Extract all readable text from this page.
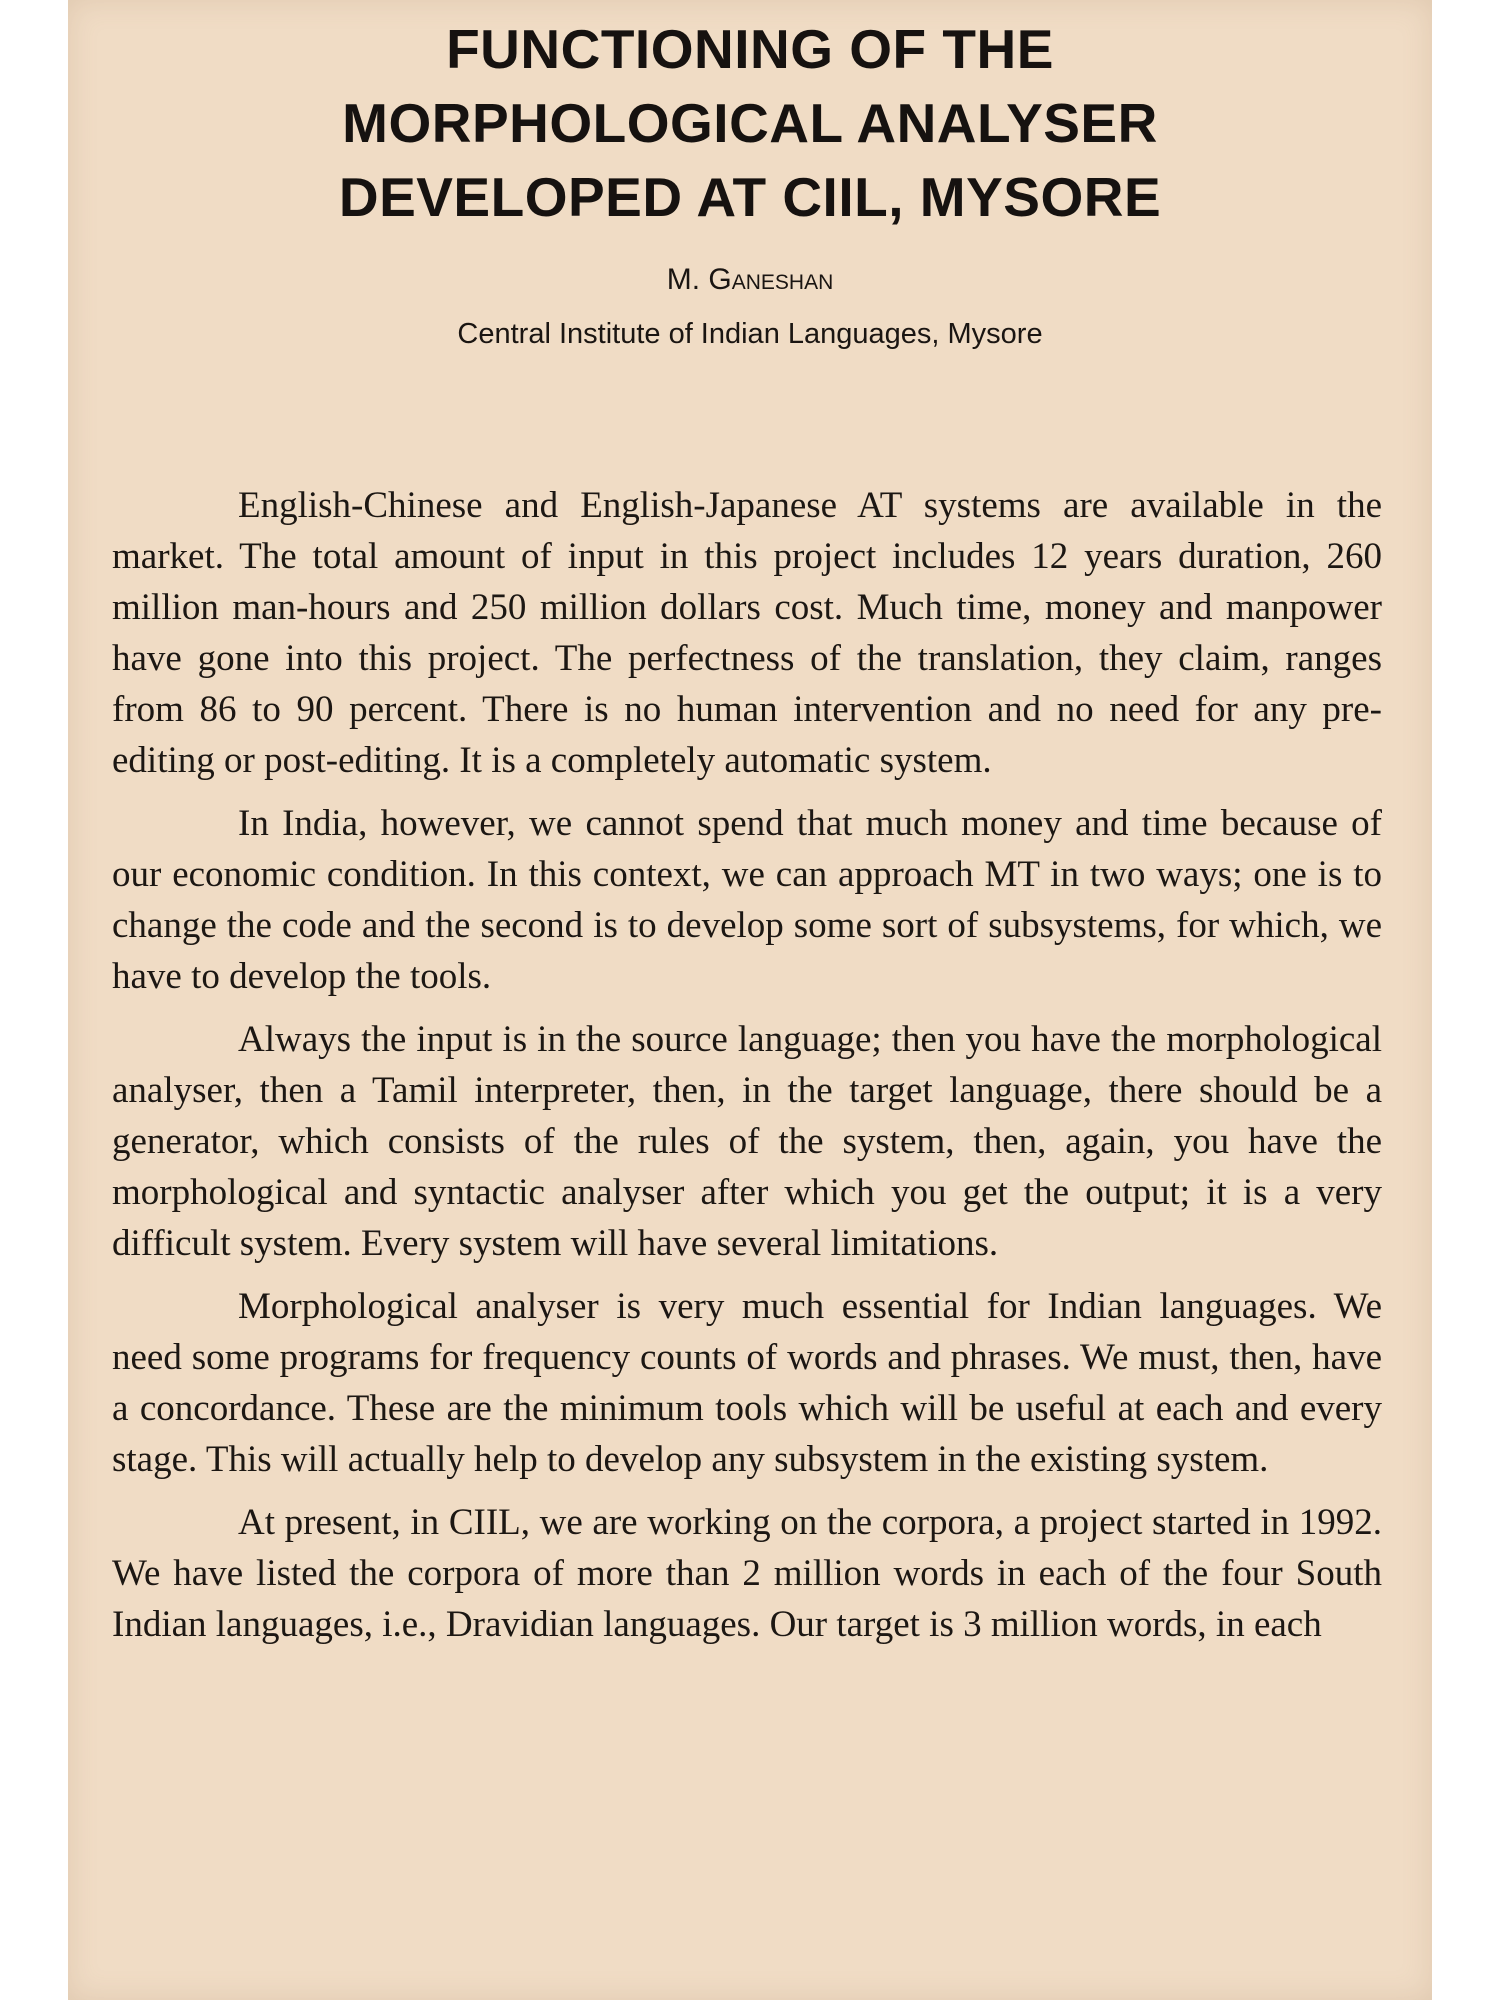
FUNCTIONING OF THE
MORPHOLOGICAL ANALYSER
DEVELOPED AT CIIL, MYSORE
M. Ganeshan
Central Institute of Indian Languages, Mysore

English-Chinese and English-Japanese AT systems are available in the market. The total amount of input in this project includes 12 years duration, 260 million man-hours and 250 million dollars cost. Much time, money and manpower have gone into this project. The perfectness of the translation, they claim, ranges from 86 to 90 percent. There is no human intervention and no need for any pre-editing or post-editing. It is a completely automatic system.

In India, however, we cannot spend that much money and time because of our economic condition. In this context, we can approach MT in two ways; one is to change the code and the second is to develop some sort of subsystems, for which, we have to develop the tools.

Always the input is in the source language; then you have the morphological analyser, then a Tamil interpreter, then, in the target language, there should be a generator, which consists of the rules of the system, then, again, you have the morphological and syntactic analyser after which you get the output; it is a very difficult system. Every system will have several limitations.

Morphological analyser is very much essential for Indian languages. We need some programs for frequency counts of words and phrases. We must, then, have a concordance. These are the minimum tools which will be useful at each and every stage. This will actually help to develop any subsystem in the existing system.

At present, in CIIL, we are working on the corpora, a project started in 1992. We have listed the corpora of more than 2 million words in each of the four South Indian languages, i.e., Dravidian languages. Our target is 3 million words, in each
